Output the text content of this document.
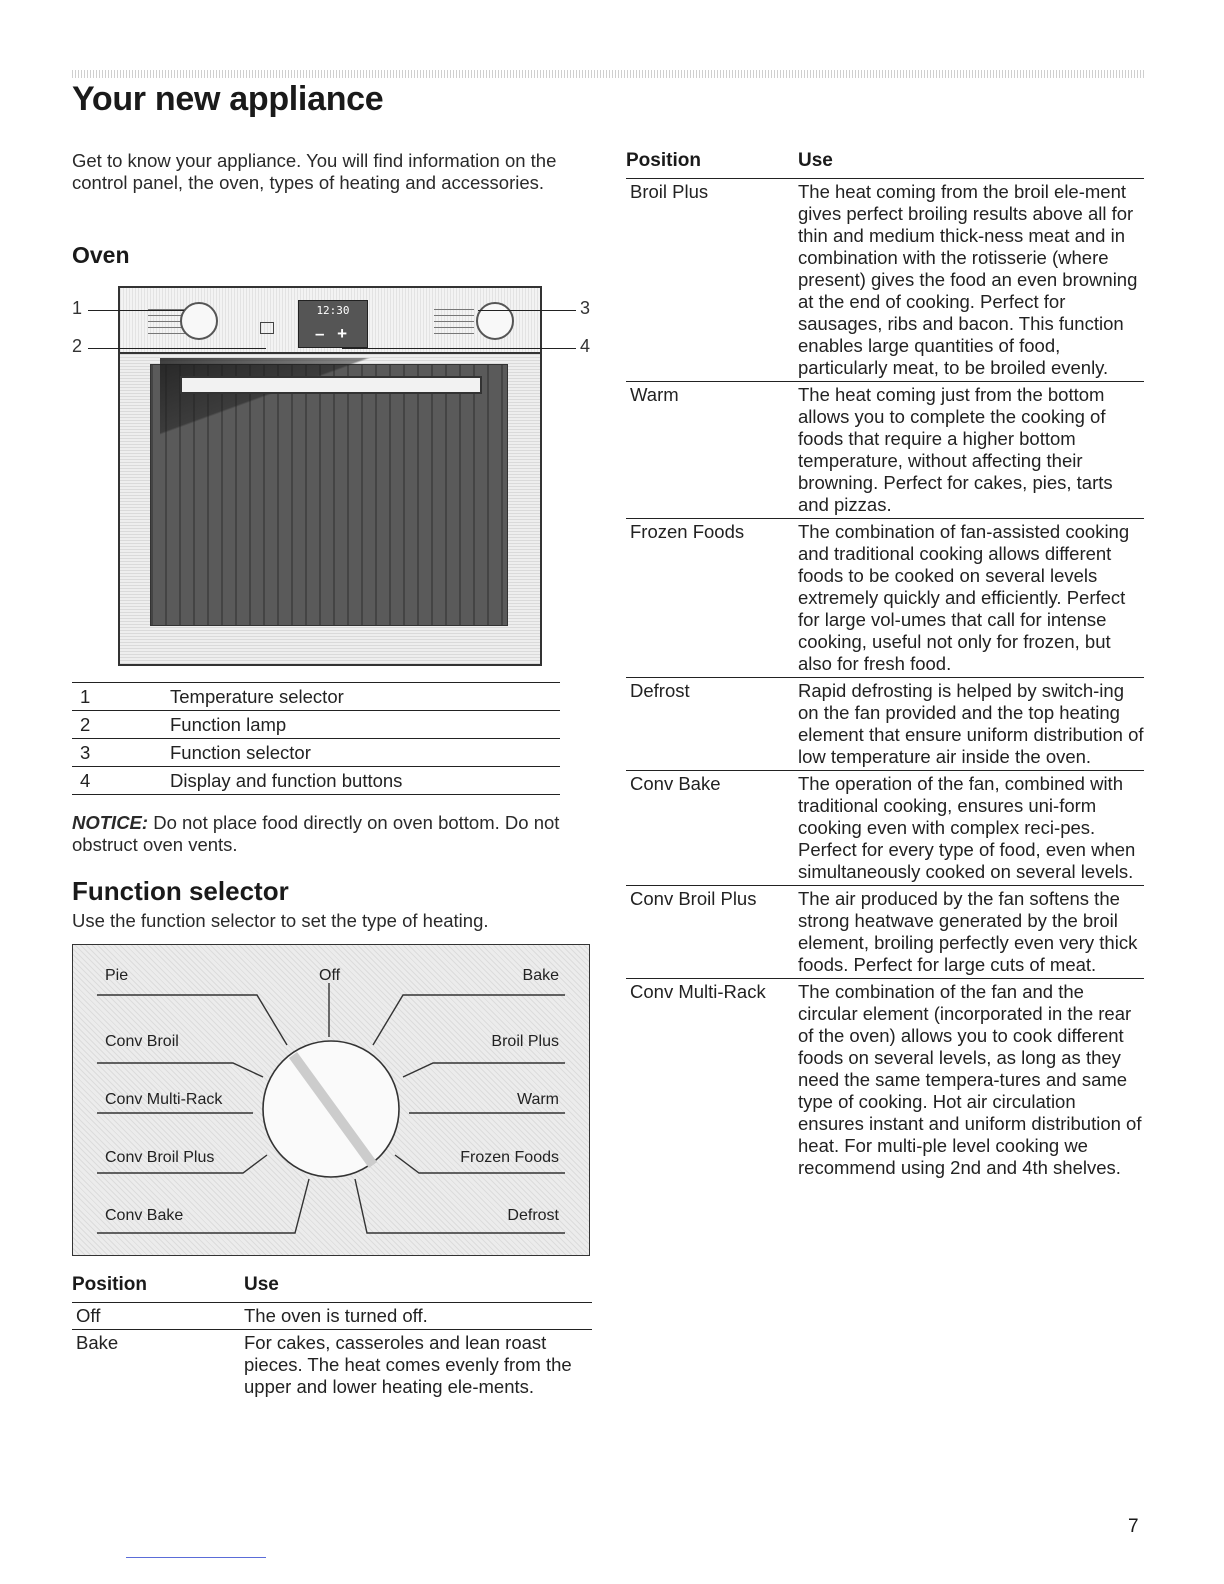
Your new appliance

Get to know your appliance. You will find information on the control panel, the oven, types of heating and accessories.

Oven
1
2
3
4
12:30
– +
1	Temperature selector
2	Function lamp
3	Function selector
4	Display and function buttons

NOTICE: Do not place food directly on oven bottom. Do not obstruct oven vents.

Function selector

Use the function selector to set the type of heating.

Pie	Off	Bake
Conv Broil	Broil Plus
Conv Multi-Rack	Warm
Conv Broil Plus	Frozen Foods
Conv Bake	Defrost
Position	Use
Off	The oven is turned off.
Bake	For cakes, casseroles and lean roast pieces. The heat comes evenly from the upper and lower heating ele-ments.
Position	Use
Broil Plus	The heat coming from the broil ele-ment gives perfect broiling results above all for thin and medium thick-ness meat and in combination with the rotisserie (where present) gives the food an even browning at the end of cooking. Perfect for sausages, ribs and bacon. This function enables large quantities of food, particularly meat, to be broiled evenly.
Warm	The heat coming just from the bottom allows you to complete the cooking of foods that require a higher bottom temperature, without affecting their browning. Perfect for cakes, pies, tarts and pizzas.
Frozen Foods	The combination of fan-assisted cooking and traditional cooking allows different foods to be cooked on several levels extremely quickly and efficiently. Perfect for large vol-umes that call for intense cooking, useful not only for frozen, but also for fresh food.
Defrost	Rapid defrosting is helped by switch-ing on the fan provided and the top heating element that ensure uniform distribution of low temperature air inside the oven.
Conv Bake	The operation of the fan, combined with traditional cooking, ensures uni-form cooking even with complex reci-pes. Perfect for every type of food, even when simultaneously cooked on several levels.
Conv Broil Plus	The air produced by the fan softens the strong heatwave generated by the broil element, broiling perfectly even very thick foods. Perfect for large cuts of meat.
Conv Multi-Rack	The combination of the fan and the circular element (incorporated in the rear of the oven) allows you to cook different foods on several levels, as long as they need the same tempera-tures and same type of cooking. Hot air circulation ensures instant and uniform distribution of heat. For multi-ple level cooking we recommend using 2nd and 4th shelves.
7
